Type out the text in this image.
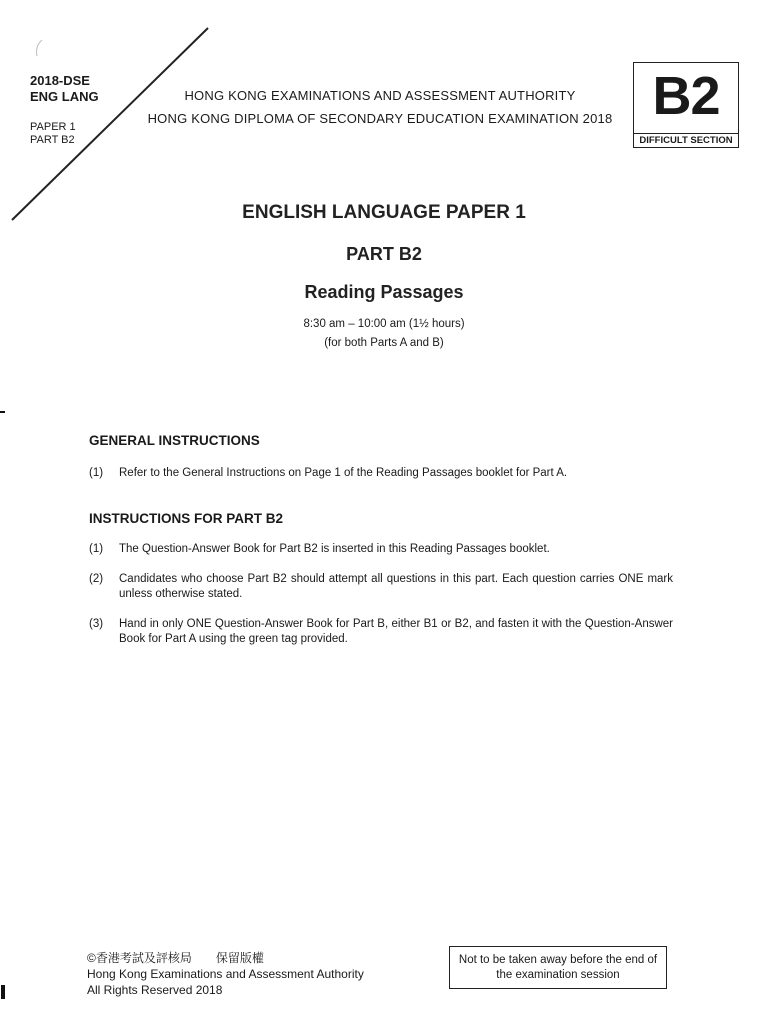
2018-DSE
ENG LANG
PAPER 1
PART B2
HONG KONG EXAMINATIONS AND ASSESSMENT AUTHORITY
HONG KONG DIPLOMA OF SECONDARY EDUCATION EXAMINATION 2018 B2
DIFFICULT SECTION
ENGLISH LANGUAGE PAPER 1
PART B2
Reading Passages
8:30 am – 10:00 am (1½ hours)
(for both Parts A and B)
GENERAL INSTRUCTIONS
(1)	Refer to the General Instructions on Page 1 of the Reading Passages booklet for Part A.
INSTRUCTIONS FOR PART B2
(1)	The Question-Answer Book for Part B2 is inserted in this Reading Passages booklet.
(2)	Candidates who choose Part B2 should attempt all questions in this part. Each question carries ONE mark unless otherwise stated.
(3)	Hand in only ONE Question-Answer Book for Part B, either B1 or B2, and fasten it with the Question-Answer Book for Part A using the green tag provided.
©香港考試及評核局　　保留版權
Hong Kong Examinations and Assessment Authority
All Rights Reserved 2018
Not to be taken away before the end of the examination session
